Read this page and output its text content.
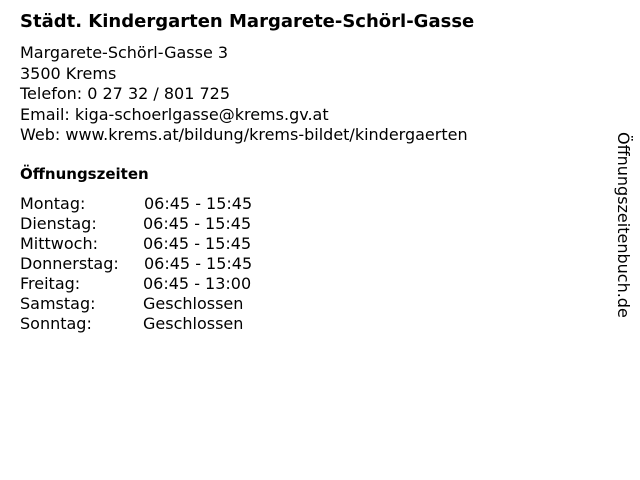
Städt. Kindergarten Margarete-Schörl-Gasse
Margarete-Schörl-Gasse 3
3500 Krems
Telefon: 0 27 32 / 801 725
Email: kiga-schoerlgasse@krems.gv.at
Web: www.krems.at/bildung/krems-bildet/kindergaerten
Öffnungszeiten
Montag:	06:45 - 15:45
Dienstag:	06:45 - 15:45
Mittwoch:	06:45 - 15:45
Donnerstag: 06:45 - 15:45
Freitag:	06:45 - 13:00
Samstag:	Geschlossen
Sonntag:	Geschlossen
Öffnungszeitenbuch.de
